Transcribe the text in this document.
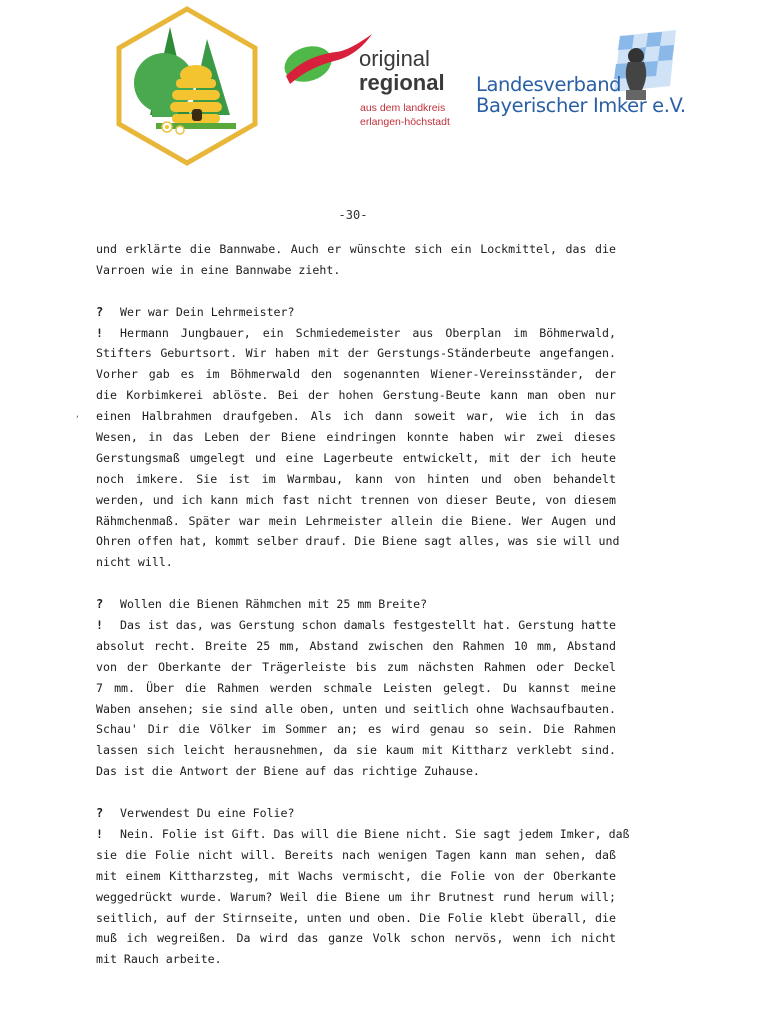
original
regional
aus dem landkreis
erlangen-höchstadt
Landesverband
Bayerischer Imker e.V.
-30-
‘
und erklärte die Bannwabe. Auch er wünschte sich ein Lockmittel, das die
Varroen wie in eine Bannwabe zieht.
? Wer war Dein Lehrmeister?
! Hermann Jungbauer, ein Schmiedemeister aus Oberplan im Böhmerwald,
Stifters Geburtsort. Wir haben mit der Gerstungs-Ständerbeute angefangen.
Vorher gab es im Böhmerwald den sogenannten Wiener-Vereinsständer, der
die Korbimkerei ablöste. Bei der hohen Gerstung-Beute kann man oben nur
einen Halbrahmen draufgeben. Als ich dann soweit war, wie ich in das
Wesen, in das Leben der Biene eindringen konnte haben wir zwei dieses
Gerstungsmaß umgelegt und eine Lagerbeute entwickelt, mit der ich heute
noch imkere. Sie ist im Warmbau, kann von hinten und oben behandelt
werden, und ich kann mich fast nicht trennen von dieser Beute, von diesem
Rähmchenmaß. Später war mein Lehrmeister allein die Biene. Wer Augen und
Ohren offen hat, kommt selber drauf. Die Biene sagt alles, was sie will und
nicht will.
? Wollen die Bienen Rähmchen mit 25 mm Breite?
! Das ist das, was Gerstung schon damals festgestellt hat. Gerstung hatte
absolut recht. Breite 25 mm, Abstand zwischen den Rahmen 10 mm, Abstand
von der Oberkante der Trägerleiste bis zum nächsten Rahmen oder Deckel
7 mm. Über die Rahmen werden schmale Leisten gelegt. Du kannst meine
Waben ansehen; sie sind alle oben, unten und seitlich ohne Wachsaufbauten.
Schau' Dir die Völker im Sommer an; es wird genau so sein. Die Rahmen
lassen sich leicht herausnehmen, da sie kaum mit Kittharz verklebt sind.
Das ist die Antwort der Biene auf das richtige Zuhause.
? Verwendest Du eine Folie?
! Nein. Folie ist Gift. Das will die Biene nicht. Sie sagt jedem Imker, daß
sie die Folie nicht will. Bereits nach wenigen Tagen kann man sehen, daß
mit einem Kittharzsteg, mit Wachs vermischt, die Folie von der Oberkante
weggedrückt wurde. Warum? Weil die Biene um ihr Brutnest rund herum will;
seitlich, auf der Stirnseite, unten und oben. Die Folie klebt überall, die
muß ich wegreißen. Da wird das ganze Volk schon nervös, wenn ich nicht
mit Rauch arbeite.
